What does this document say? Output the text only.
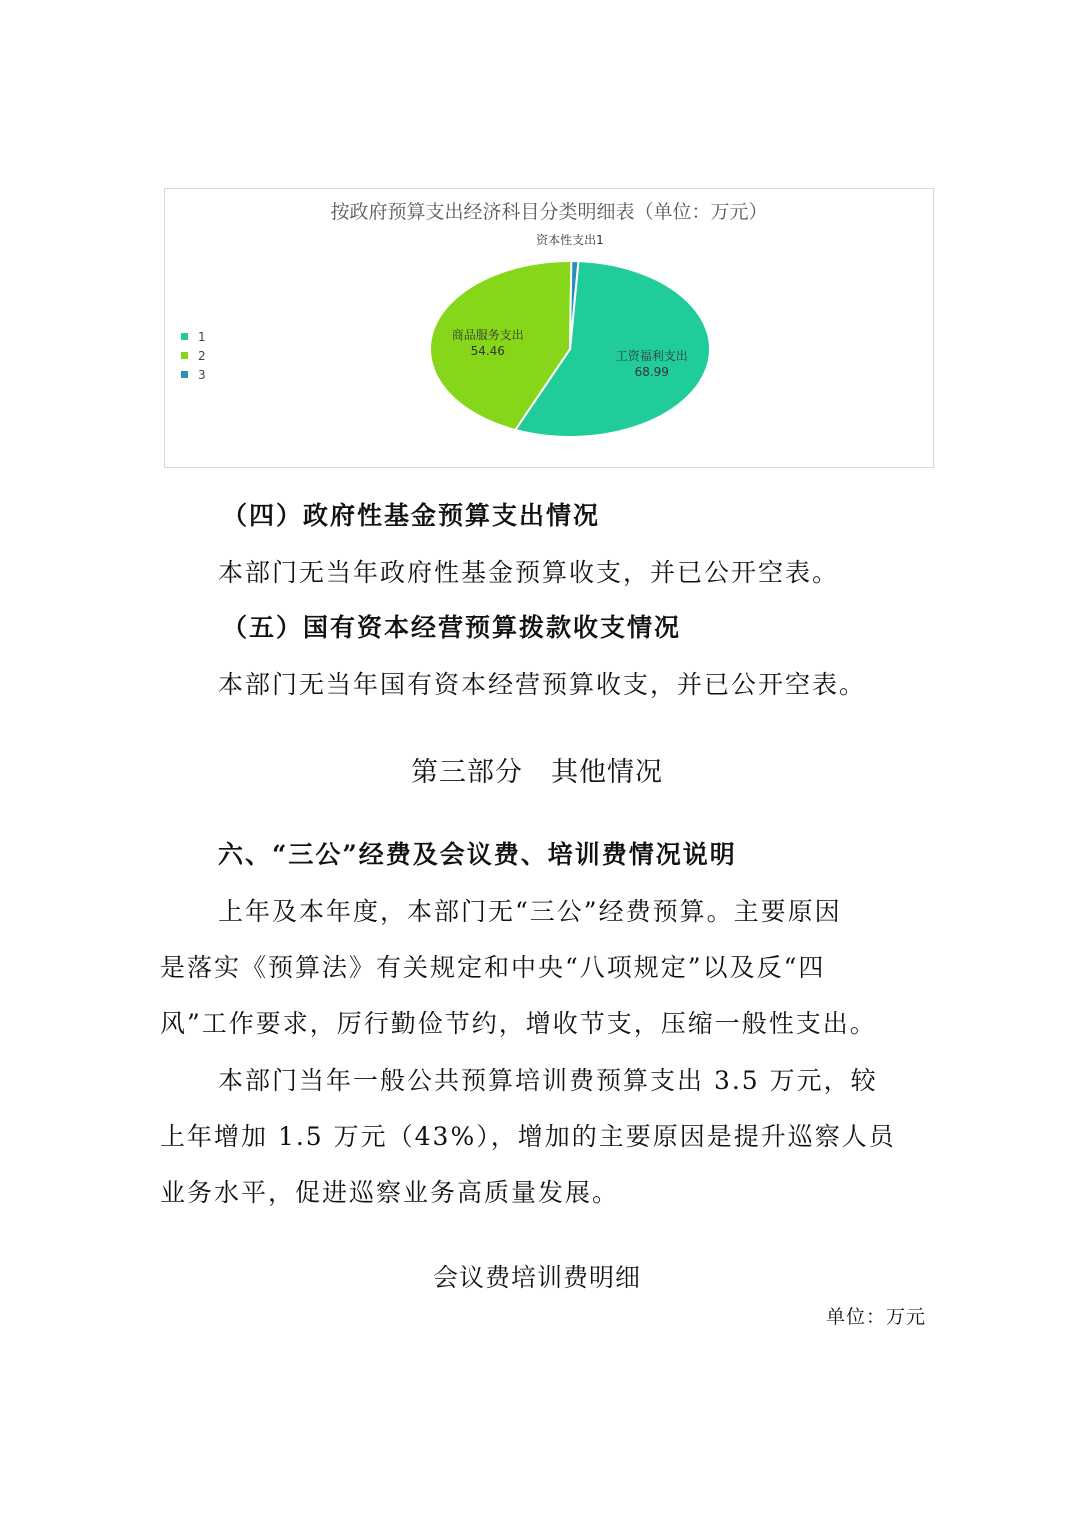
按政府预算支出经济科目分类明细表（单位：万元）
工资福利支出
68.99
商品服务支出
54.46
资本性支出1
1
2
3
（四）政府性基金预算支出情况
本部门无当年政府性基金预算收支，并已公开空表。
（五）国有资本经营预算拨款收支情况
本部门无当年国有资本经营预算收支，并已公开空表。
第三部分　其他情况
六、“三公”经费及会议费、培训费情况说明
上年及本年度，本部门无“三公”经费预算。主要原因
是落实《预算法》有关规定和中央“八项规定”以及反“四
风”工作要求，厉行勤俭节约，增收节支，压缩一般性支出。
本部门当年一般公共预算培训费预算支出 3.5 万元，较
上年增加 1.5 万元（43%），增加的主要原因是提升巡察人员
业务水平，促进巡察业务高质量发展。
会议费培训费明细
单位：万元
